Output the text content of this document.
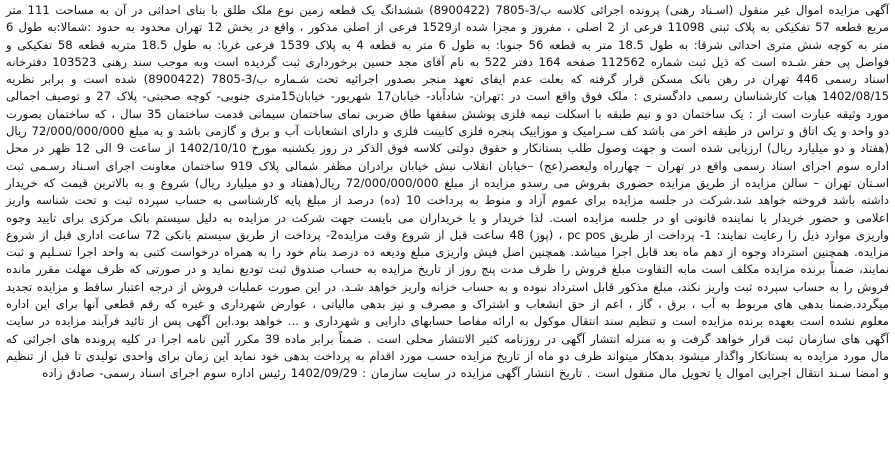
آگهی مزایده اموال غیر منقول (اسـناد رهنی) پرونده اجرائی کلاسه ب/3-7805 (8900422) ششدانگ یک قطعه زمین نوع ملک طلق با بنای احداثی در آن به مساحت 111 متر مربع قطعه 57 تفکیکی به پلاک ثبتی 11098 فرعی از 2 اصلی ، مفروز و مجزا شده از1529 فرعی از اصلی مذکور ، واقع در بخش 12 تهران محدود به حدود :شمالا:به طول 6 متر به کوچه شش متری احداثی شرقا: به طول 18.5 متر به قطعه 56 جنوبا: به طول 6 متر به قطعه 4 به پلاک 1539 فرعی غربا: به طول 18.5 متربه قطعه 58 تفکیکی و فواصل پی حفر شـده است که ذیل ثبت شماره 112562 صفحه 164 دفتر 522 به نام آقای مجد حسین برخورداری ثبت گردیده است وبه موجب سند رهنی 103523 دفترخانه اسناد رسمی 446 تهران در رهن بانک مسکن قرار گرفته که بعلت عدم ایفای تعهد منجر بصدور اجرائیه تحت شـماره ب/3-7805 (8900422) شده است و برابر نظریه 1402/08/15 هیات کارشناسان رسمی دادگستری : ملک فوق واقع است در :تهران- شاداًباد- خیابان17 شهریور- خیابان15متری جنوبی- کوچه صحبتی- پلاک 27 و توصیف اجمالی مورد وثیقه عبارت است از : یک ساختمان دو و نیم طبقه با اسکلت نیمه فلزی پوشش سقفها طاق ضربی نمای ساختمان سیمانی قدمت ساختمان 35 سال ، که ساختمان بصورت دو واحد و یک اتاق و تراس در طبقه اخر می باشد کف سـرامیک و موزاییک پنجره فلزی کابینت فلزی و دارای انشعابات آب و برق و گازمی باشد و به مبلغ 72/000/000/000 ریال (هفتاد و دو میلیارد ریال) ارزیابی شده است و جهت وصول طلب بستانکار و حقوق دولتی کلاسه فوق الذکر در روز یکشنبه مورخ 1402/10/10 از ساعت 9 الی 12 ظهر در محل اداره سوم اجرای اسناد رسمی واقع در تهران – چهارراه ولیعصر(عج) –خیابان انقلاب نبش خیابان برادران مظفر شمالی پلاک 919 ساختمان معاونت اجرای اسـناد رسـمی ثبت اسـتان تهران – سالن مزایده از طریق مزایده حضوری بفروش می رسدو مزایده از مبلغ 72/000/000/000 ریال(هفتاد و دو میلیارد ریال) شروع و به بالاترین قیمت که خریدار داشته باشد فروخته خواهد شد.شرکت در جلسه مزایده برای عموم آزاد و منوط به پرداخت 10 (ده) درصد از مبلغ پایه کارشناسی به حساب سپرده ثبت و تحت شناسه واریز اعلامی و حضور خریدار یا نماینده قانونی او در جلسه مزایده است. لذا خریدار و یا خریداران می بایست جهت شرکت در مزایده به دلیل سیستم بانک مرکزی برای تایید وجوه واریزی موارد ذیل را رعایت نمایند: 1- پرداخت از طریق pc pos ، (پوز) 48 ساعت قبل از شروع وقت مزایده2- پرداخت از طریق سیستم بانکی 72 ساعت اداری قبل از شروع مزایده. همچنین استرداد وجوه از دهم ماه بعد قابل اجرا میباشد. همچنین اصل فیش واریزی مبلغ ودیعه ده درصد بنام خود را به همراه درخواست کتبی به واحد اجرا تسـلیم و ثبت نمایند، ضمناً برنده مزایده مکلف است مابه التفاوت مبلغ فروش را ظرف مدت پنج روز از تاریخ مزایده به حساب صندوق ثبت تودیع نماید و در صورتی که ظرف مهلت مقرر مانده فروش را به حساب سپرده ثبت واریز نکند، مبلغ مذکور قابل استرداد نبوده و به حساب خزانه واریز خواهد شـد. در این صورت عملیات فروش از درجه اعتبار ساقط و مزایده تجدید میگردد.ضمنا بدهی های مربوط به آب ، برق ، گاز ، اعم از حق انشعاب و اشتراک و مصرف و نیز بدهی مالیاتی ، عوارض شهرداری و غیره که رقم قطعی آنها برای این اداره معلوم نشده است بعهده برنده مزایده است و تنظیم سند انتقال موکول به ارائه مفاصا حسابهای دارایی و شهرداری و ... خواهد بود.این آگهی پس از تائید فرآیند مزایده در سایت آگهی های سازمان ثبت قرار خواهد گرفت و به منزله انتشار آگهی در روزنامه کثیر الانتشار محلی است . ضمناً برابر ماده 39 مکرر آئین نامه اجرا در کلیه پرونده های اجرائی که مال مورد مزایده به بستانکار واگذار میشود بدهکار میتواند ظرف دو ماه از تاریخ مزایده حسب مورد اقدام به پرداخت بدهی خود نماید این زمان برای واحدی تولیدی تا قبل از تنظیم و امضا سـند انتقال اجرایی اموال یا تحویل مال منقول است . تاریخ انتشار آگهی مزایده در سایت سازمان : 1402/09/29 رئیس اداره سوم اجرای اسناد رسمی- صادق زاده
